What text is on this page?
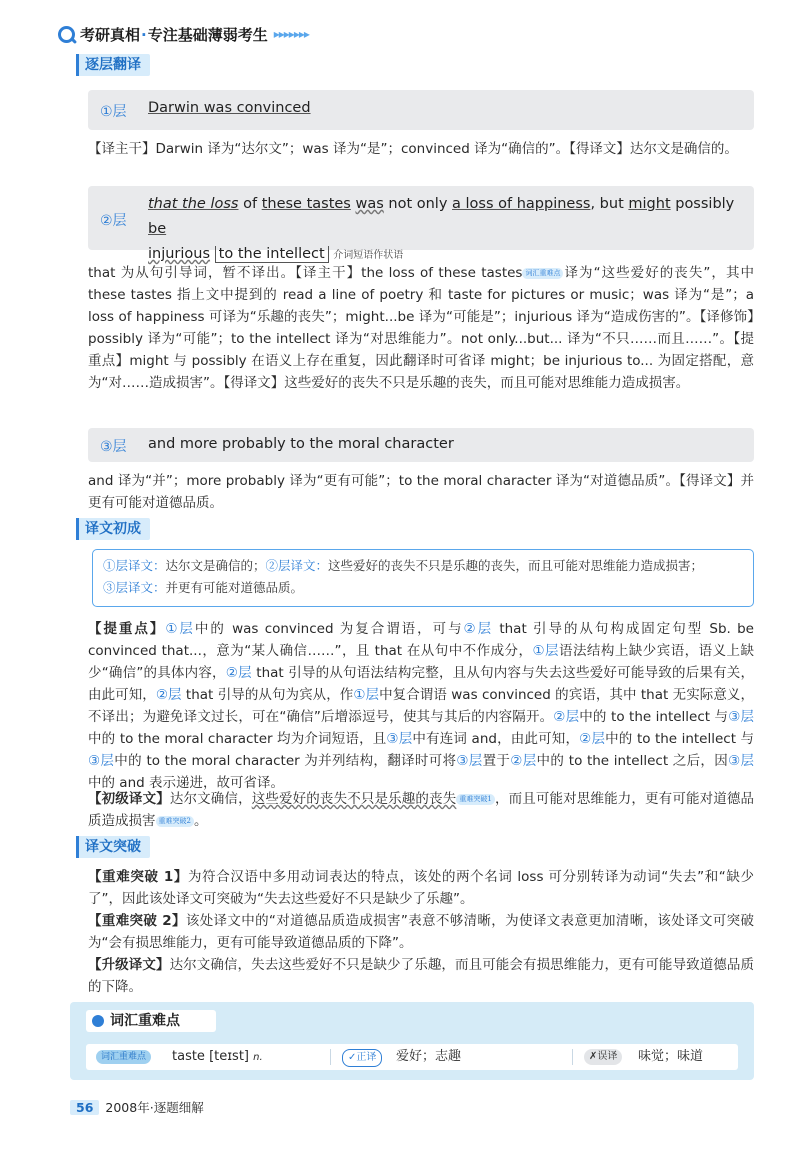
考研真相·专注基础薄弱考生 ▸▸▸▸▸▸▸
逐层翻译
①层 Darwin was convinced
【译主干】Darwin 译为“达尔文”；was 译为“是”；convinced 译为“确信的”。【得译文】达尔文是确信的。
②层
that the loss of these tastes was not only a loss of happiness, but might possibly be
injurious to the intellect 介词短语作状语
that 为从句引导词，暂不译出。【译主干】the loss of these tastes 词汇重难点 译为“这些爱好的丧失”，其中 these tastes 指上文中提到的 read a line of poetry 和 taste for pictures or music；was 译为“是”；a loss of happiness 可译为“乐趣的丧失”；might...be 译为“可能是”；injurious 译为“造成伤害的”。【译修饰】possibly 译为“可能”；to the intellect 译为“对思维能力”。not only...but... 译为“不只……而且……”。【提重点】might 与 possibly 在语义上存在重复，因此翻译时可省译 might；be injurious to... 为固定搭配，意为“对……造成损害”。【得译文】这些爱好的丧失不只是乐趣的丧失，而且可能对思维能力造成损害。
③层 and more probably to the moral character
and 译为“并”；more probably 译为“更有可能”；to the moral character 译为“对道德品质”。【得译文】并更有可能对道德品质。
译文初成
①层译文：达尔文是确信的；②层译文：这些爱好的丧失不只是乐趣的丧失，而且可能对思维能力造成损害；
③层译文：并更有可能对道德品质。
【提重点】①层中的 was convinced 为复合谓语，可与②层 that 引导的从句构成固定句型 Sb. be convinced that...，意为“某人确信……”，且 that 在从句中不作成分，①层语法结构上缺少宾语，语义上缺少“确信”的具体内容，②层 that 引导的从句语法结构完整，且从句内容与失去这些爱好可能导致的后果有关，由此可知，②层 that 引导的从句为宾从，作①层中复合谓语 was convinced 的宾语，其中 that 无实际意义，不译出；为避免译文过长，可在“确信”后增添逗号，使其与其后的内容隔开。②层中的 to the intellect 与③层中的 to the moral character 均为介词短语，且③层中有连词 and，由此可知，②层中的 to the intellect 与③层中的 to the moral character 为并列结构，翻译时可将③层置于②层中的 to the intellect 之后，因③层中的 and 表示递进，故可省译。
【初级译文】达尔文确信，这些爱好的丧失不只是乐趣的丧失 重难突破1 ，而且可能对思维能力，更有可能对道德品质造成损害 重难突破2 。
译文突破
【重难突破 1】为符合汉语中多用动词表达的特点，该处的两个名词 loss 可分别转译为动词“失去”和“缺少了”，因此该处译文可突破为“失去这些爱好不只是缺少了乐趣”。
【重难突破 2】该处译文中的“对道德品质造成损害”表意不够清晰，为使译文表意更加清晰，该处译文可突破为“会有损思维能力，更有可能导致道德品质的下降”。
【升级译文】达尔文确信，失去这些爱好不只是缺少了乐趣，而且可能会有损思维能力，更有可能导致道德品质的下降。
词汇重难点
词汇重难点	taste [teɪst] n.	✓正译	爱好；志趣	✗误译	味觉；味道
56 2008年·逐题细解
